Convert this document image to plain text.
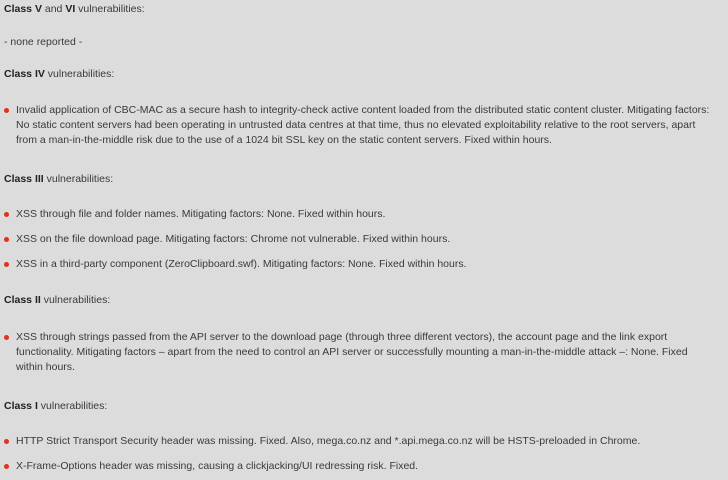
Class V and VI vulnerabilities:
- none reported -
Class IV vulnerabilities:
Invalid application of CBC-MAC as a secure hash to integrity-check active content loaded from the distributed static content cluster. Mitigating factors: No static content servers had been operating in untrusted data centres at that time, thus no elevated exploitability relative to the root servers, apart from a man-in-the-middle risk due to the use of a 1024 bit SSL key on the static content servers. Fixed within hours.
Class III vulnerabilities:
XSS through file and folder names. Mitigating factors: None. Fixed within hours.
XSS on the file download page. Mitigating factors: Chrome not vulnerable. Fixed within hours.
XSS in a third-party component (ZeroClipboard.swf). Mitigating factors: None. Fixed within hours.
Class II vulnerabilities:
XSS through strings passed from the API server to the download page (through three different vectors), the account page and the link export functionality. Mitigating factors – apart from the need to control an API server or successfully mounting a man-in-the-middle attack –: None. Fixed within hours.
Class I vulnerabilities:
HTTP Strict Transport Security header was missing. Fixed. Also, mega.co.nz and *.api.mega.co.nz will be HSTS-preloaded in Chrome.
X-Frame-Options header was missing, causing a clickjacking/UI redressing risk. Fixed.
